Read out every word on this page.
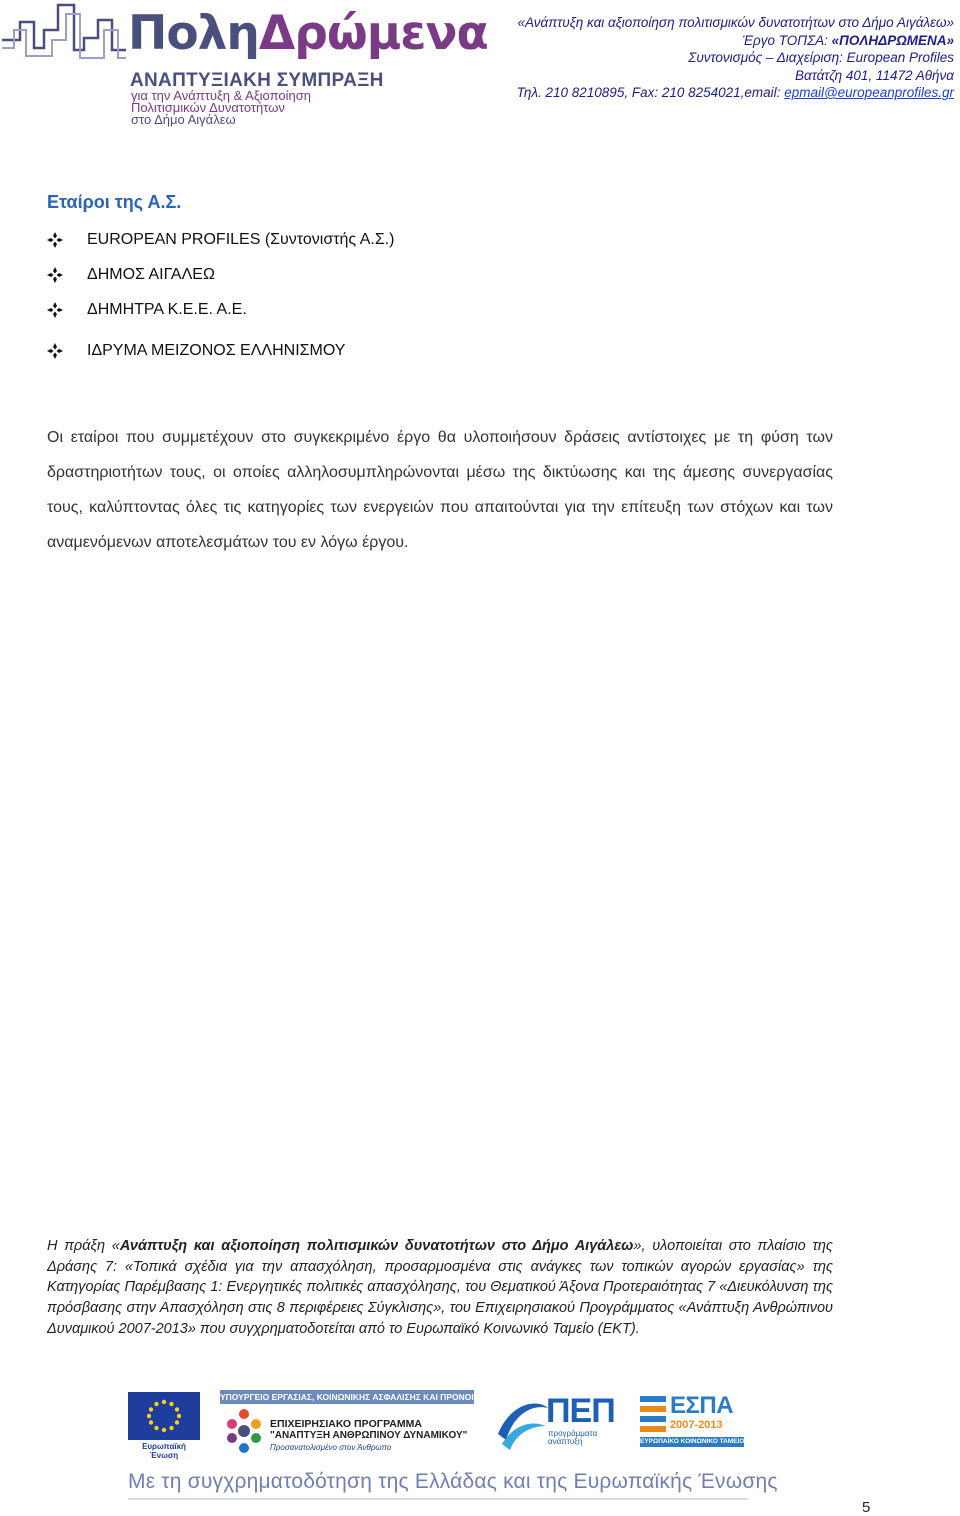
ΠοληΔρώμενα
ΑΝΑΠΤΥΞΙΑΚΗ ΣΥΜΠΡΑΞΗ
για την Ανάπτυξη & Αξιοποίηση
Πολιτισμικών Δυνατοτήτων
στο Δήμο Αιγάλεω
«Ανάπτυξη και αξιοποίηση πολιτισμικών δυνατοτήτων στο Δήμο Αιγάλεω»
Έργο ΤΟΠΣΑ: «ΠΟΛΗΔΡΩΜΕΝΑ»
Συντονισμός – Διαχείριση: European Profiles
Βατάτζη 401, 11472 Αθήνα
Τηλ. 210 8210895, Fax: 210 8254021,email: epmail@europeanprofiles.gr
Εταίροι της Α.Σ.
EUROPEAN PROFILES (Συντονιστής Α.Σ.)
ΔΗΜΟΣ ΑΙΓΑΛΕΩ
ΔΗΜΗΤΡΑ Κ.Ε.Ε. Α.Ε.
ΙΔΡΥΜΑ ΜΕΙΖΟΝΟΣ ΕΛΛΗΝΙΣΜΟΥ

Οι εταίροι που συμμετέχουν στο συγκεκριμένο έργο θα υλοποιήσουν δράσεις αντίστοιχες με τη φύση των δραστηριοτήτων τους, οι οποίες αλληλοσυμπληρώνονται μέσω της δικτύωσης και της άμεσης συνεργασίας τους, καλύπτοντας όλες τις κατηγορίες των ενεργειών που απαιτούνται για την επίτευξη των στόχων και των αναμενόμενων αποτελεσμάτων του εν λόγω έργου.

Η πράξη «Ανάπτυξη και αξιοποίηση πολιτισμικών δυνατοτήτων στο Δήμο Αιγάλεω», υλοποιείται στο πλαίσιο της Δράσης 7: «Τοπικά σχέδια για την απασχόληση, προσαρμοσμένα στις ανάγκες των τοπικών αγορών εργασίας» της Κατηγορίας Παρέμβασης 1: Ενεργητικές πολιτικές απασχόλησης, του Θεματικού Άξονα Προτεραιότητας 7 «Διευκόλυνση της πρόσβασης στην Απασχόληση στις 8 περιφέρειες Σύγκλισης», του Επιχειρησιακού Προγράμματος «Ανάπτυξη Ανθρώπινου Δυναμικού 2007-2013» που συγχρηματοδοτείται από το Ευρωπαϊκό Κοινωνικό Ταμείο (ΕΚΤ).
Ευρωπαϊκή Ένωση
ΥΠΟΥΡΓΕΙΟ ΕΡΓΑΣΙΑΣ, ΚΟΙΝΩΝΙΚΗΣ ΑΣΦΑΛΙΣΗΣ ΚΑΙ ΠΡΟΝΟΙΑΣ
ΕΠΙΧΕΙΡΗΣΙΑΚΟ ΠΡΟΓΡΑΜΜΑ
"ΑΝΑΠΤΥΞΗ ΑΝΘΡΩΠΙΝΟΥ ΔΥΝΑΜΙΚΟΥ"
Προσανατολισμένο στον Άνθρωπο
ΠΕΠ
προγράμματα
ανάπτυξη
ΕΣΠΑ
2007-2013
ΕΥΡΩΠΑΪΚΟ ΚΟΙΝΩΝΙΚΟ ΤΑΜΕΙΟ
Με τη συγχρηματοδότηση της Ελλάδας και της Ευρωπαϊκής Ένωσης
5
